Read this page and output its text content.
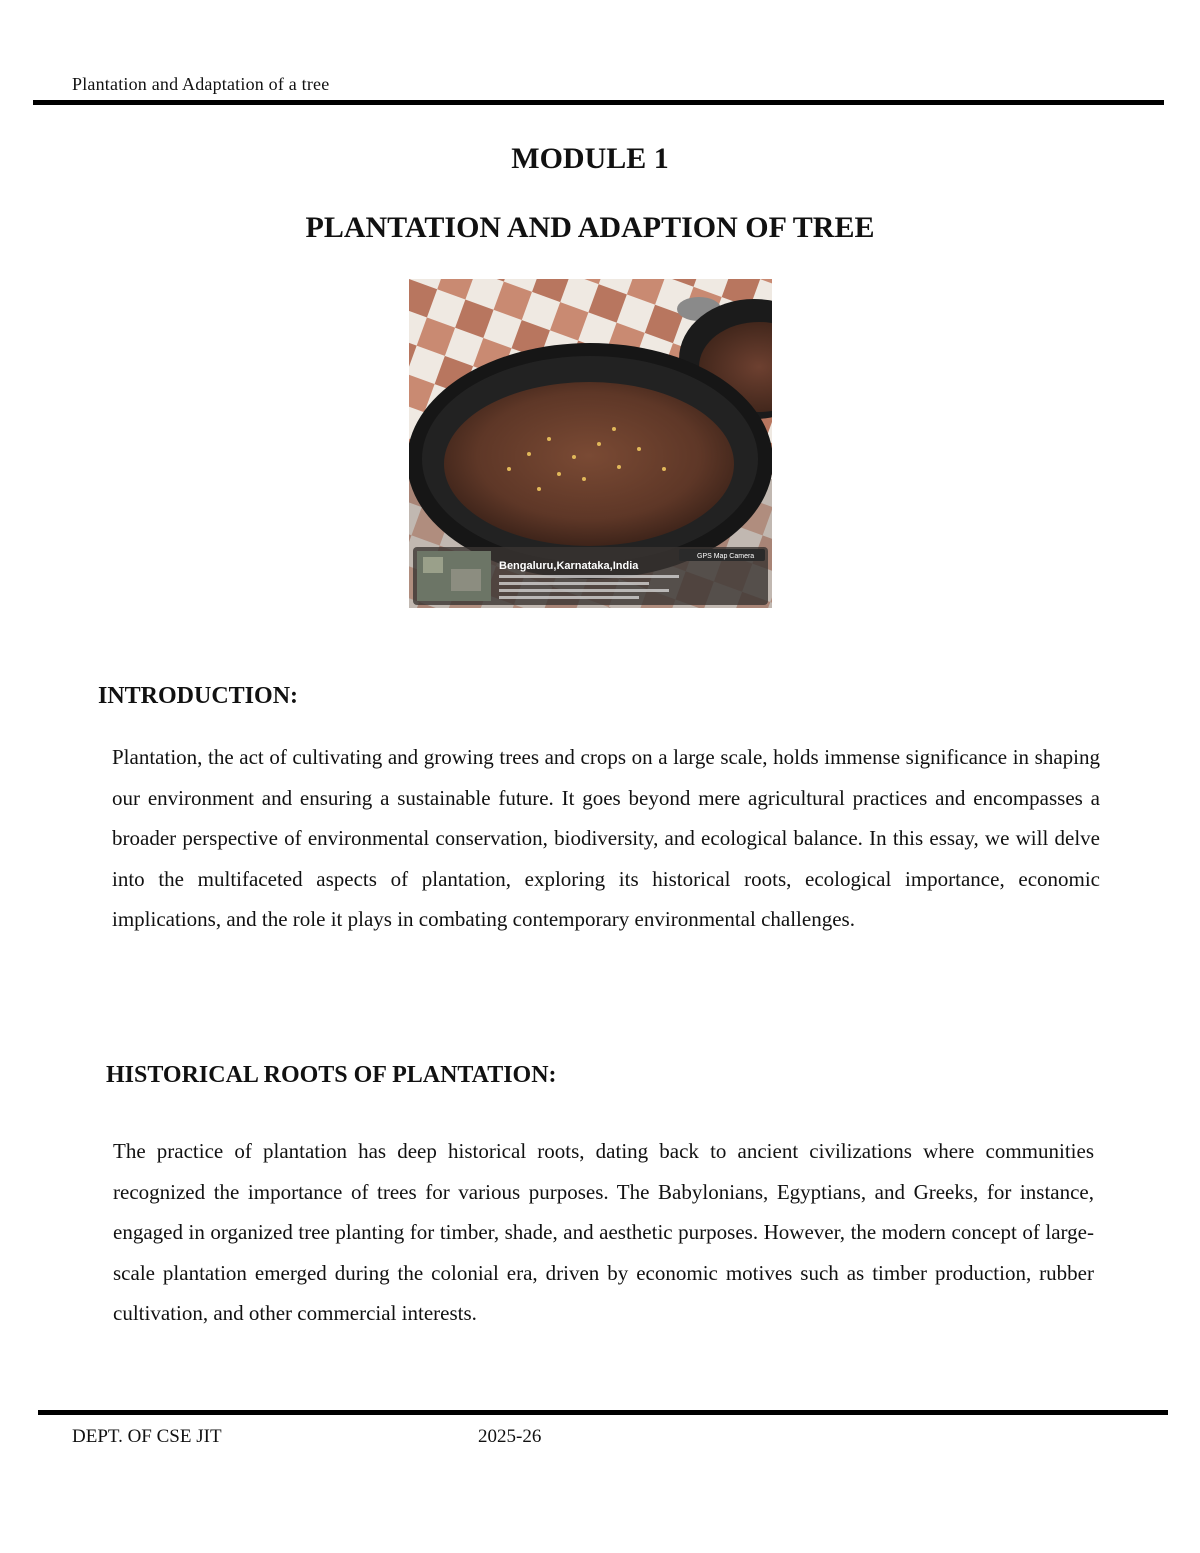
Plantation and Adaptation of a tree
MODULE 1
PLANTATION AND ADAPTION OF TREE
Bengaluru,Karnataka,India
GPS Map Camera
INTRODUCTION:

Plantation, the act of cultivating and growing trees and crops on a large scale, holds immense significance in shaping our environment and ensuring a sustainable future. It goes beyond mere agricultural practices and encompasses a broader perspective of environmental conservation, biodiversity, and ecological balance. In this essay, we will delve into the multifaceted aspects of plantation, exploring its historical roots, ecological importance, economic implications, and the role it plays in combating contemporary environmental challenges.

HISTORICAL ROOTS OF PLANTATION:

The practice of plantation has deep historical roots, dating back to ancient civilizations where communities recognized the importance of trees for various purposes. The Babylonians, Egyptians, and Greeks, for instance, engaged in organized tree planting for timber, shade, and aesthetic purposes. However, the modern concept of large-scale plantation emerged during the colonial era, driven by economic motives such as timber production, rubber cultivation, and other commercial interests.

DEPT. OF CSE JIT	2025-26
